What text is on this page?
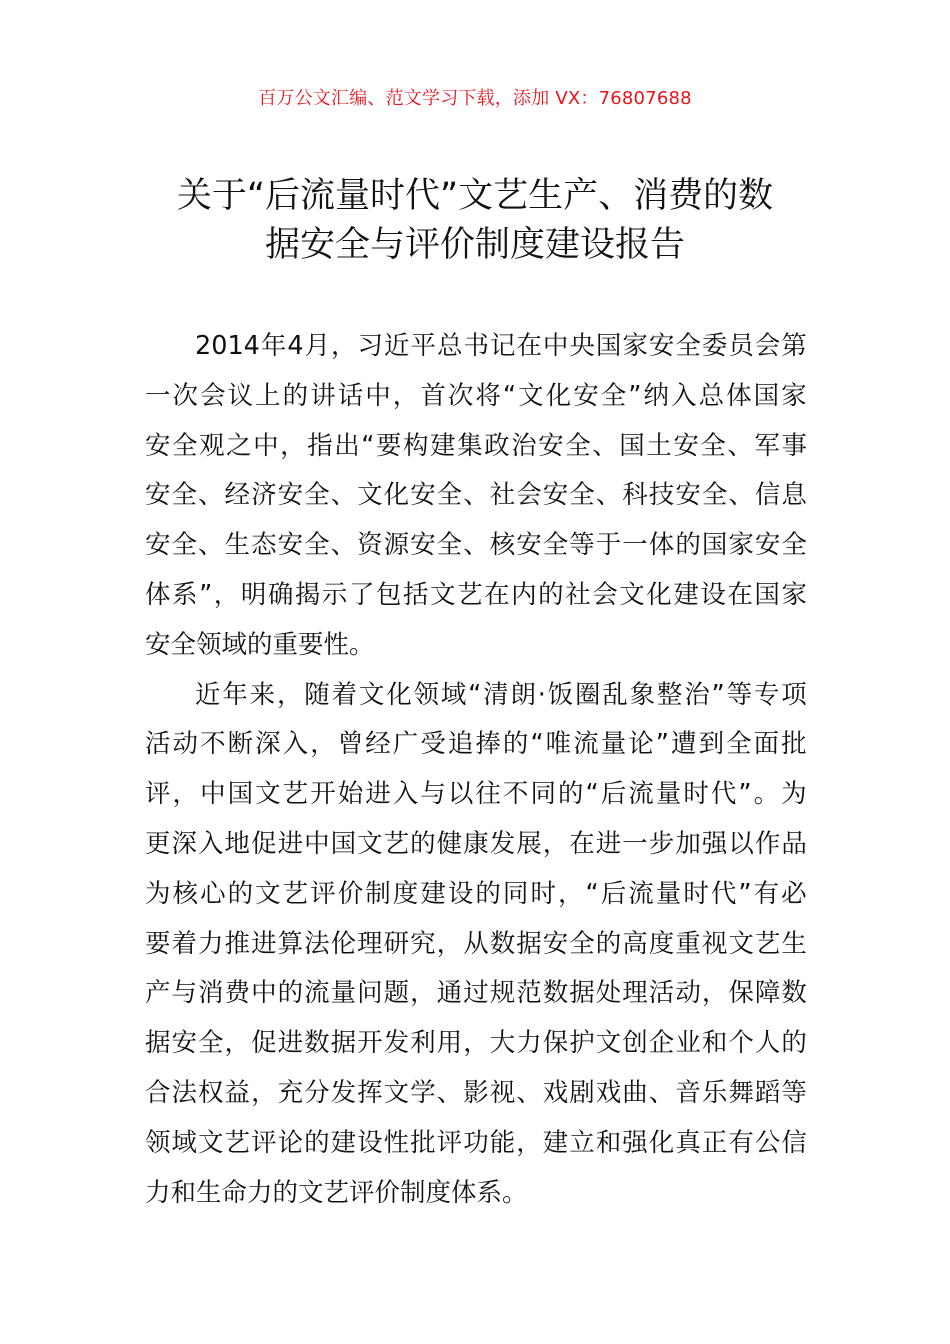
百万公文汇编、范文学习下载，添加 VX：76807688
关于“后流量时代”文艺生产、消费的数
据安全与评价制度建设报告
2014 年 4 月 ， 习 近 平 总 书 记 在 中 央 国 家 安 全 委 员 会 第
一 次 会 议 上 的 讲 话 中 ， 首 次 将 “ 文 化 安 全 ” 纳 入 总 体 国 家
安 全 观 之 中 ， 指 出 “ 要 构 建 集 政 治 安 全 、 国 土 安 全 、 军 事
安 全 、 经 济 安 全 、 文 化 安 全 、 社 会 安 全 、 科 技 安 全 、 信 息
安 全 、 生 态 安 全 、 资 源 安 全 、 核 安 全 等 于 一 体 的 国 家 安 全
体 系 ” ， 明 确 揭 示 了 包 括 文 艺 在 内 的 社 会 文 化 建 设 在 国 家
安全领域的重要性。
近 年 来 ， 随 着 文 化 领 域 “ 清 朗 · 饭 圈 乱 象 整 治 ” 等 专 项
活 动 不 断 深 入 ， 曾 经 广 受 追 捧 的 “ 唯 流 量 论 ” 遭 到 全 面 批
评 ， 中 国 文 艺 开 始 进 入 与 以 往 不 同 的 “ 后 流 量 时 代 ” 。 为
更 深 入 地 促 进 中 国 文 艺 的 健 康 发 展 ， 在 进 一 步 加 强 以 作 品
为 核 心 的 文 艺 评 价 制 度 建 设 的 同 时 ， “ 后 流 量 时 代 ” 有 必
要 着 力 推 进 算 法 伦 理 研 究 ， 从 数 据 安 全 的 高 度 重 视 文 艺 生
产 与 消 费 中 的 流 量 问 题 ， 通 过 规 范 数 据 处 理 活 动 ， 保 障 数
据 安 全 ， 促 进 数 据 开 发 利 用 ， 大 力 保 护 文 创 企 业 和 个 人 的
合 法 权 益 ， 充 分 发 挥 文 学 、 影 视 、 戏 剧 戏 曲 、 音 乐 舞 蹈 等
领 域 文 艺 评 论 的 建 设 性 批 评 功 能 ， 建 立 和 强 化 真 正 有 公 信
力和生命力的文艺评价制度体系。
